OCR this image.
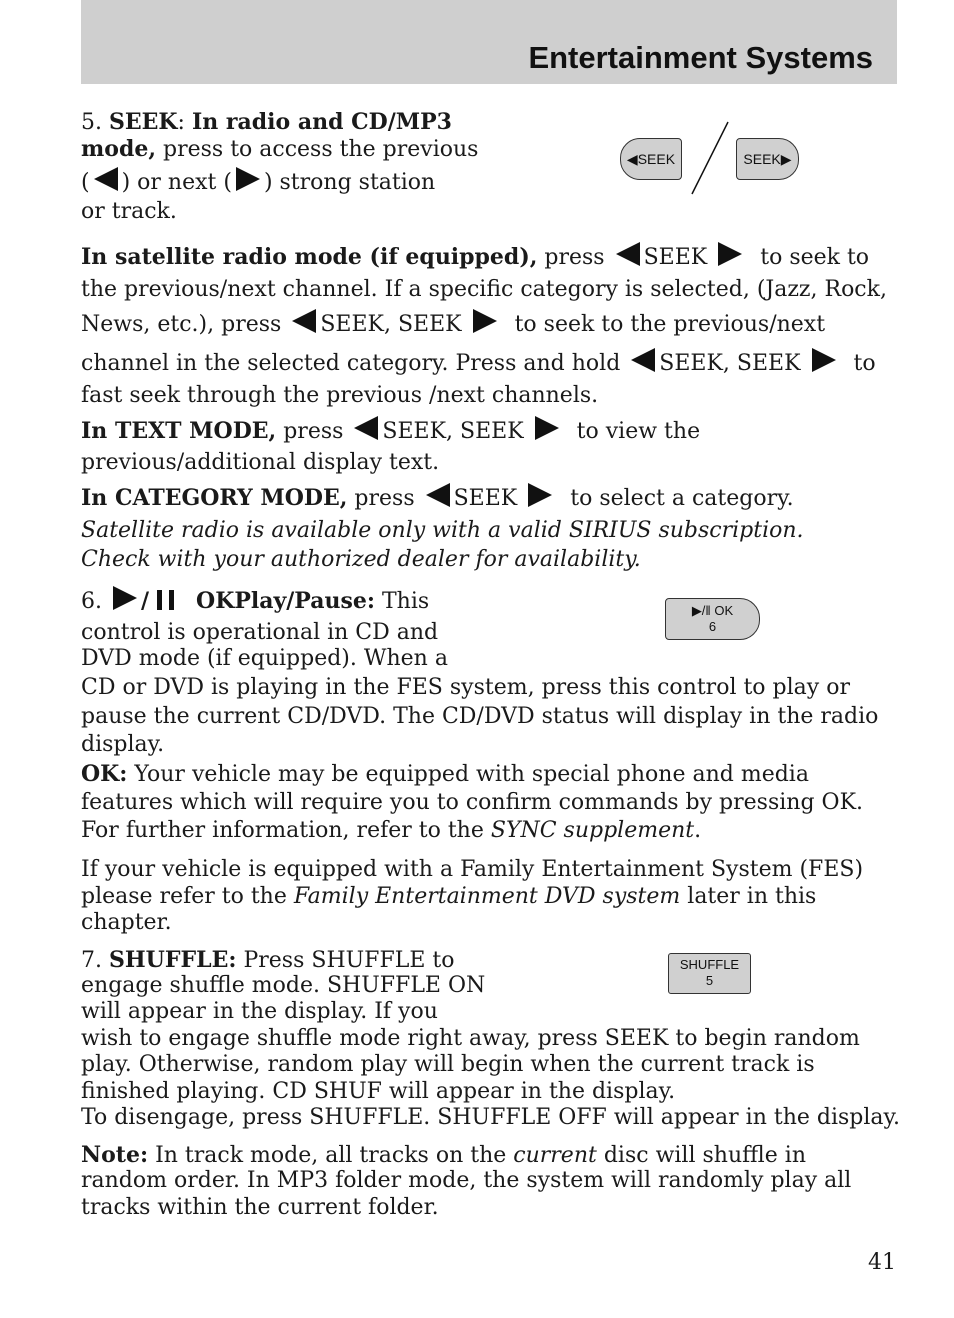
Entertainment Systems
5. SEEK: In radio and CD/MP3
mode, press to access the previous
( ) or next ( ) strong station
or track.
◀SEEK	SEEK▶
In satellite radio mode (if equipped), press SEEK to seek to
the previous/next channel. If a specific category is selected, (Jazz, Rock,
News, etc.), press SEEK, SEEK to seek to the previous/next
channel in the selected category. Press and hold SEEK, SEEK to
fast seek through the previous /next channels.
In TEXT MODE, press SEEK, SEEK to view the
previous/additional display text.
In CATEGORY MODE, press SEEK to select a category.
Satellite radio is available only with a valid SIRIUS subscription.
Check with your authorized dealer for availability.
6. / OKPlay/Pause: This
control is operational in CD and
DVD mode (if equipped). When a
CD or DVD is playing in the FES system, press this control to play or
pause the current CD/DVD. The CD/DVD status will display in the radio
display.
▶/‖ OK
6
OK: Your vehicle may be equipped with special phone and media
features which will require you to confirm commands by pressing OK.
For further information, refer to the SYNC supplement.
If your vehicle is equipped with a Family Entertainment System (FES)
please refer to the Family Entertainment DVD system later in this
chapter.
7. SHUFFLE: Press SHUFFLE to
engage shuffle mode. SHUFFLE ON
will appear in the display. If you
wish to engage shuffle mode right away, press SEEK to begin random
play. Otherwise, random play will begin when the current track is
finished playing. CD SHUF will appear in the display.
To disengage, press SHUFFLE. SHUFFLE OFF will appear in the display.
SHUFFLE
5
Note: In track mode, all tracks on the current disc will shuffle in
random order. In MP3 folder mode, the system will randomly play all
tracks within the current folder.
41
